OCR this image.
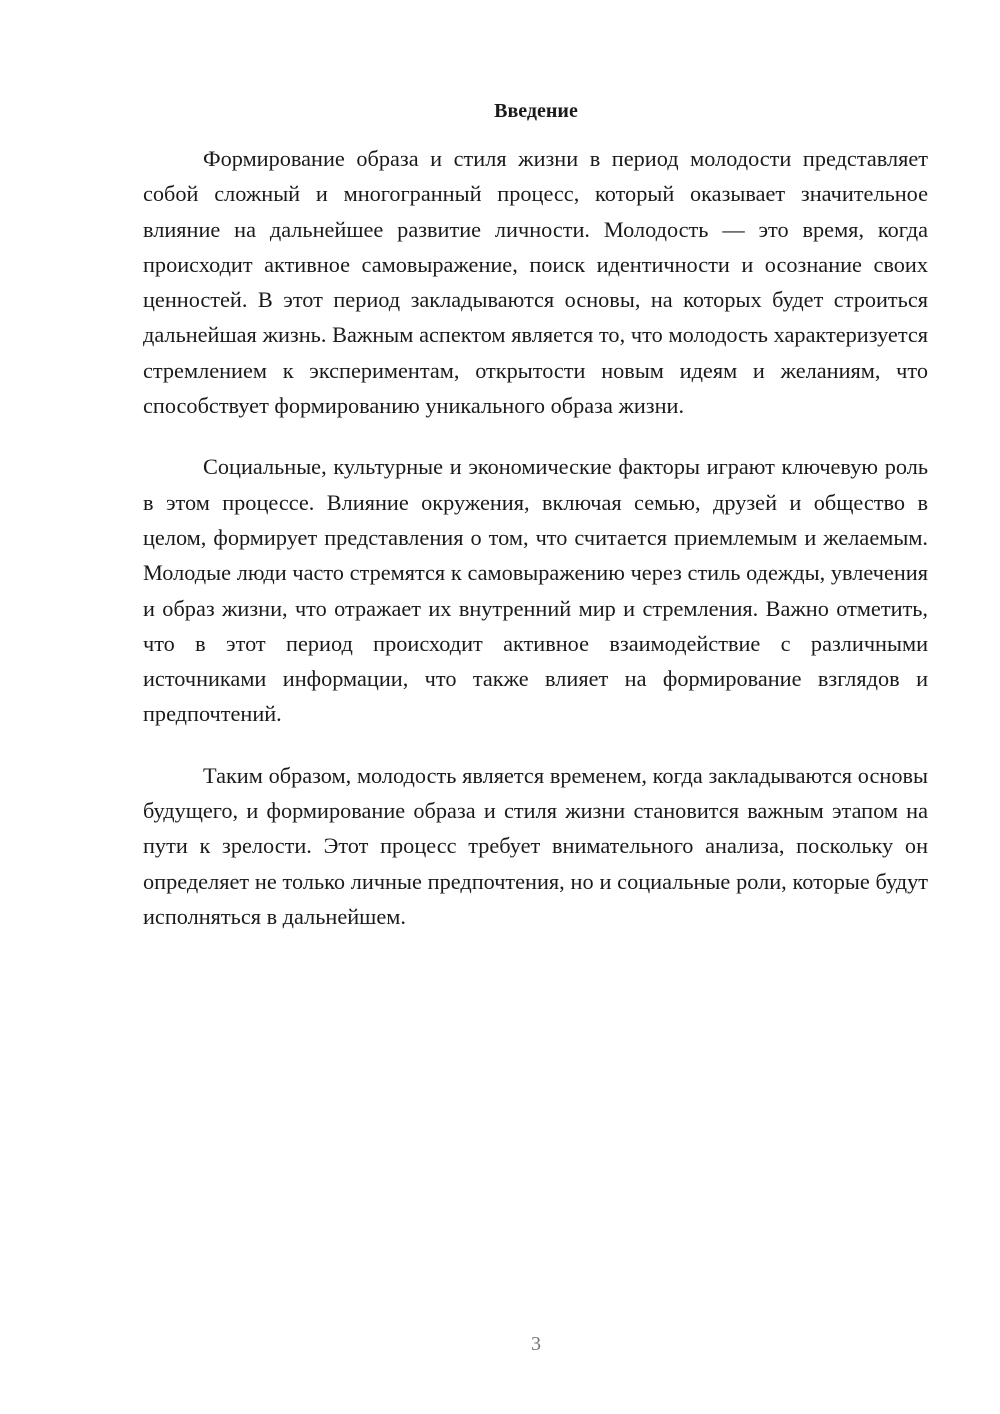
Введение

Формирование образа и стиля жизни в период молодости представляет собой сложный и многогранный процесс, который оказывает значительное влияние на дальнейшее развитие личности. Молодость — это время, когда происходит активное самовыражение, поиск идентичности и осознание своих ценностей. В этот период закладываются основы, на которых будет строиться дальнейшая жизнь. Важным аспектом является то, что молодость характеризуется стремлением к экспериментам, открытости новым идеям и желаниям, что способствует формированию уникального образа жизни.

Социальные, культурные и экономические факторы играют ключевую роль в этом процессе. Влияние окружения, включая семью, друзей и общество в целом, формирует представления о том, что считается приемлемым и желаемым. Молодые люди часто стремятся к самовыражению через стиль одежды, увлечения и образ жизни, что отражает их внутренний мир и стремления. Важно отметить, что в этот период происходит активное взаимодействие с различными источниками информации, что также влияет на формирование взглядов и предпочтений.

Таким образом, молодость является временем, когда закладываются основы будущего, и формирование образа и стиля жизни становится важным этапом на пути к зрелости. Этот процесс требует внимательного анализа, поскольку он определяет не только личные предпочтения, но и социальные роли, которые будут исполняться в дальнейшем.

3
